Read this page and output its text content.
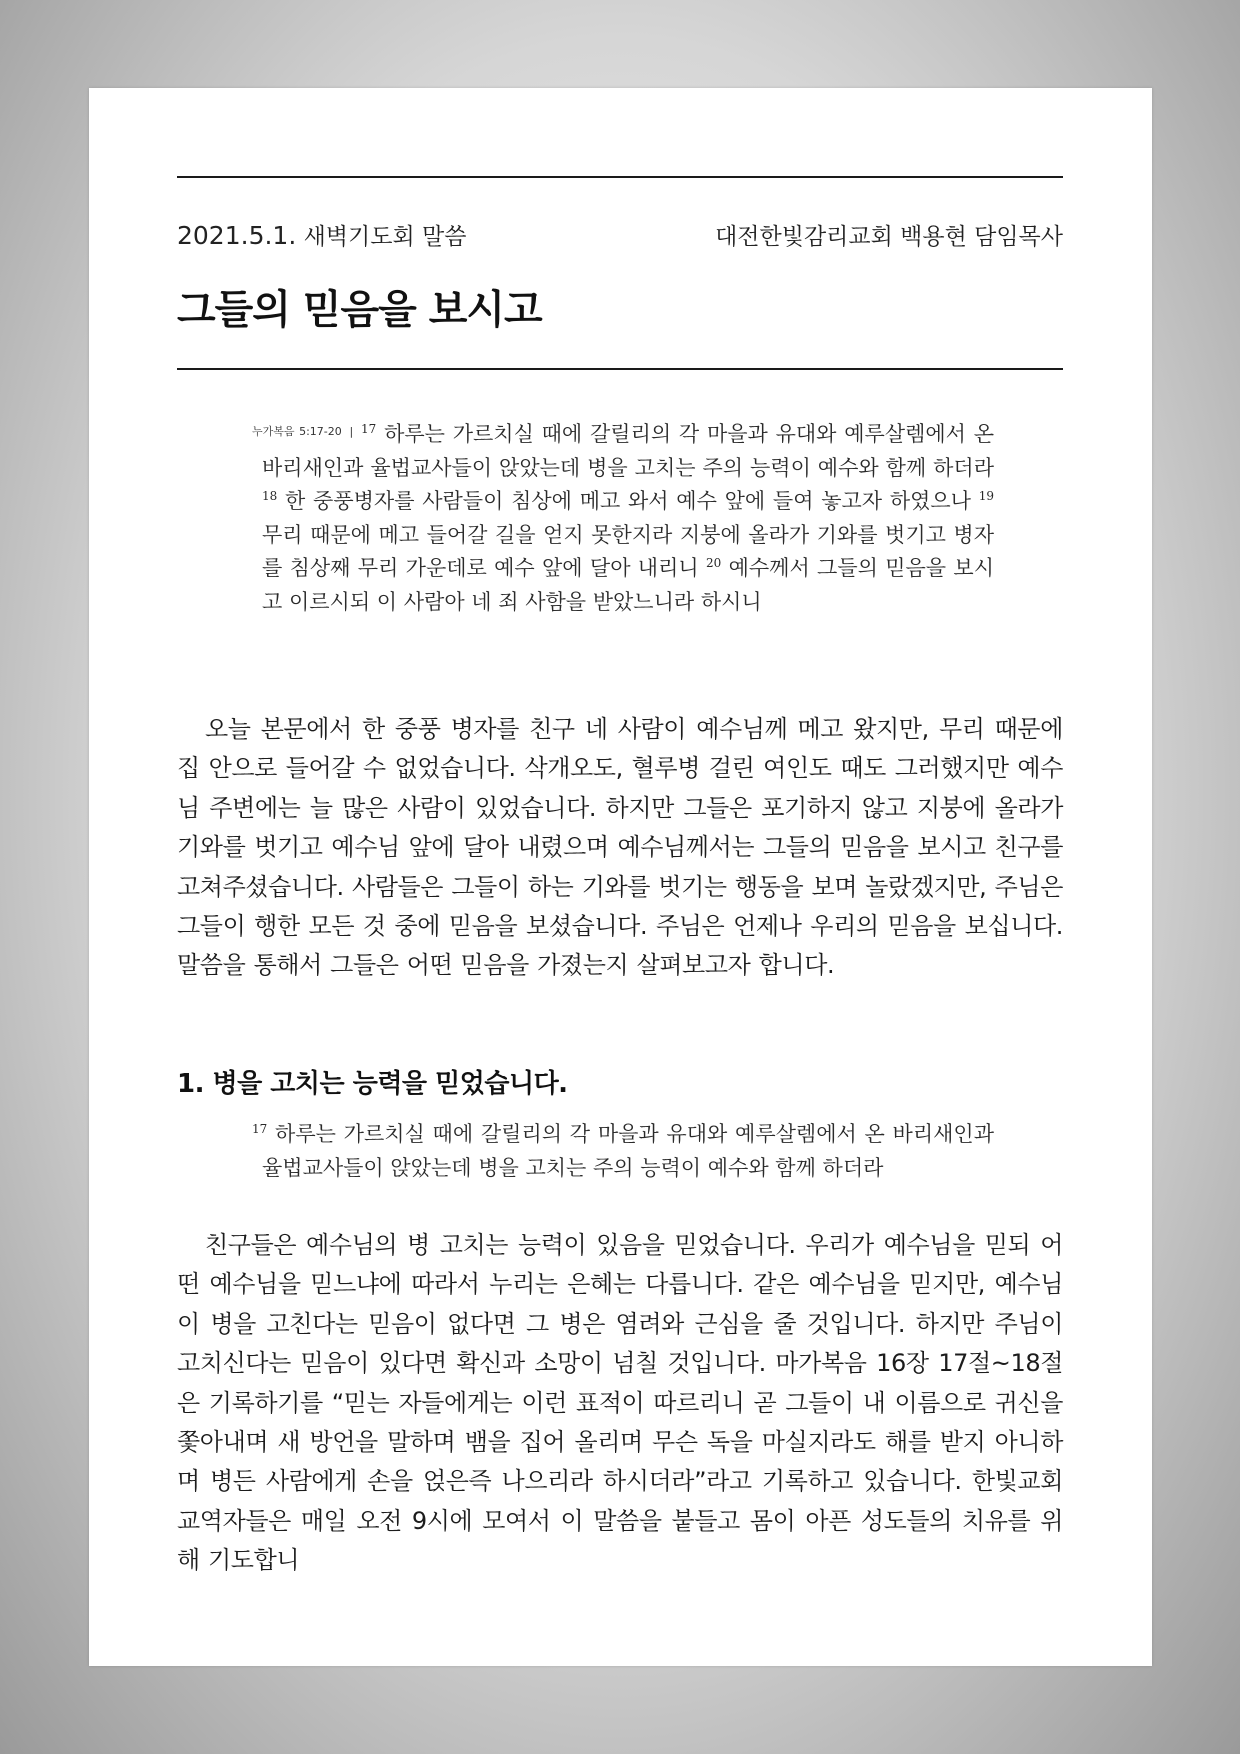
2021.5.1. 새벽기도회 말씀	대전한빛감리교회 백용현 담임목사
그들의 믿음을 보시고
$^{누가복음 5:17-20}$ | $^{17}$ 하루는 가르치실 때에 갈릴리의 각 마을과 유대와 예루살렘에서 온 바리새인과 율법교사들이 앉았는데 병을 고치는 주의 능력이 예수와 함께 하더라 $^{18}$ 한 중풍병자를 사람들이 침상에 메고 와서 예수 앞에 들여 놓고자 하였으나 $^{19}$ 무리 때문에 메고 들어갈 길을 얻지 못한지라 지붕에 올라가 기와를 벗기고 병자를 침상째 무리 가운데로 예수 앞에 달아 내리니 $^{20}$ 예수께서 그들의 믿음을 보시고 이르시되 이 사람아 네 죄 사함을 받았느니라 하시니

오늘 본문에서 한 중풍 병자를 친구 네 사람이 예수님께 메고 왔지만, 무리 때문에 집 안으로 들어갈 수 없었습니다. 삭개오도, 혈루병 걸린 여인도 때도 그러했지만 예수님 주변에는 늘 많은 사람이 있었습니다. 하지만 그들은 포기하지 않고 지붕에 올라가 기와를 벗기고 예수님 앞에 달아 내렸으며 예수님께서는 그들의 믿음을 보시고 친구를 고쳐주셨습니다. 사람들은 그들이 하는 기와를 벗기는 행동을 보며 놀랐겠지만, 주님은 그들이 행한 모든 것 중에 믿음을 보셨습니다. 주님은 언제나 우리의 믿음을 보십니다. 말씀을 통해서 그들은 어떤 믿음을 가졌는지 살펴보고자 합니다.

1. 병을 고치는 능력을 믿었습니다.
$^{17}$ 하루는 가르치실 때에 갈릴리의 각 마을과 유대와 예루살렘에서 온 바리새인과 율법교사들이 앉았는데 병을 고치는 주의 능력이 예수와 함께 하더라

친구들은 예수님의 병 고치는 능력이 있음을 믿었습니다. 우리가 예수님을 믿되 어떤 예수님을 믿느냐에 따라서 누리는 은혜는 다릅니다. 같은 예수님을 믿지만, 예수님이 병을 고친다는 믿음이 없다면 그 병은 염려와 근심을 줄 것입니다. 하지만 주님이 고치신다는 믿음이 있다면 확신과 소망이 넘칠 것입니다. 마가복음 16장 17절~18절은 기록하기를 “믿는 자들에게는 이런 표적이 따르리니 곧 그들이 내 이름으로 귀신을 쫓아내며 새 방언을 말하며 뱀을 집어 올리며 무슨 독을 마실지라도 해를 받지 아니하며 병든 사람에게 손을 얹은즉 나으리라 하시더라”라고 기록하고 있습니다. 한빛교회 교역자들은 매일 오전 9시에 모여서 이 말씀을 붙들고 몸이 아픈 성도들의 치유를 위해 기도합니
